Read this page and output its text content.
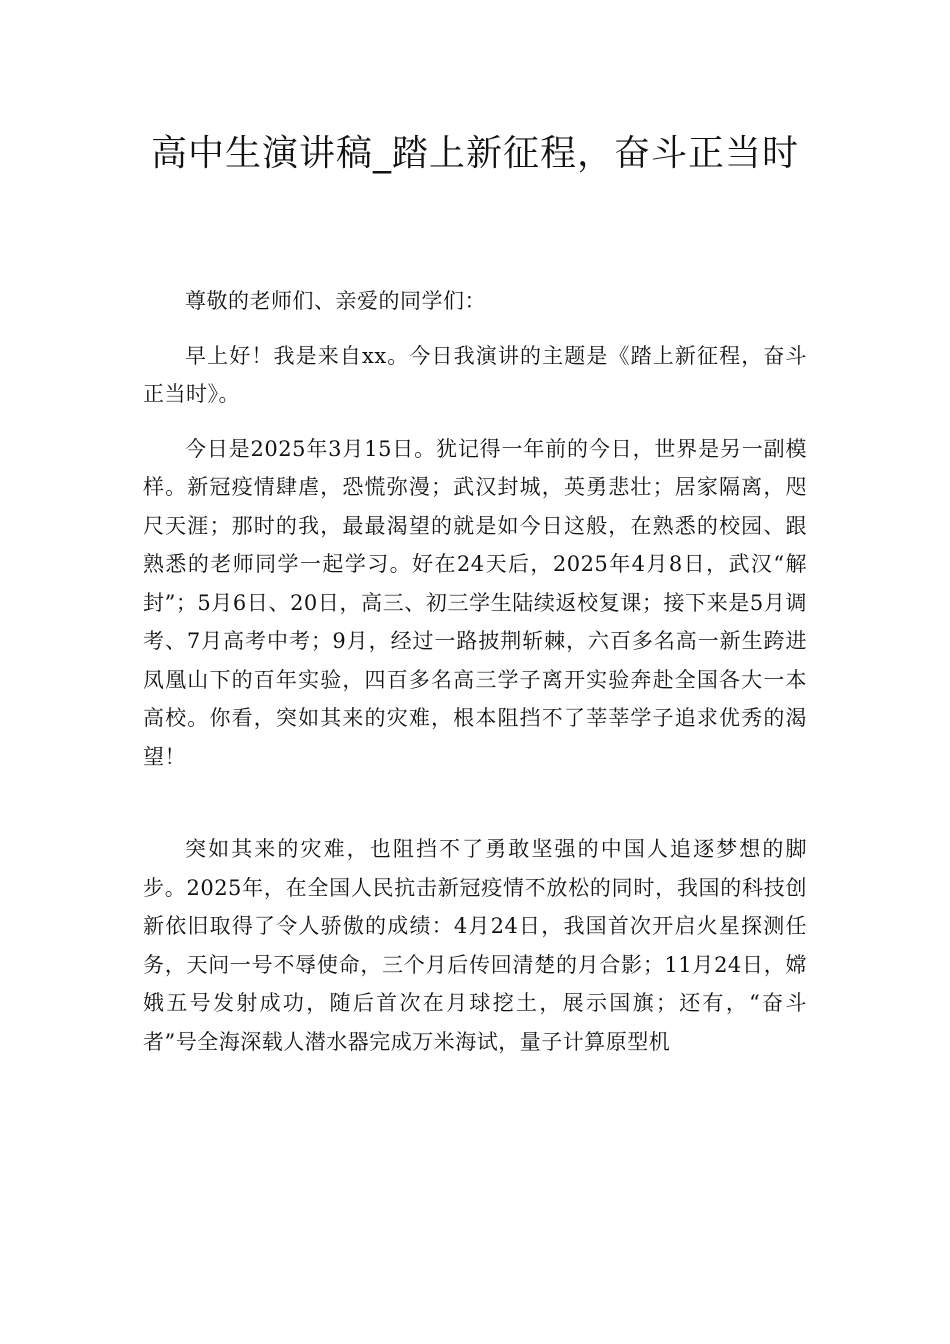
高中生演讲稿_踏上新征程，奋斗正当时

尊敬的老师们、亲爱的同学们：

早上好！我是来自xx。今日我演讲的主题是《踏上新征程，奋斗正当时》。

今日是2025年3月15日。犹记得一年前的今日，世界是另一副模样。新冠疫情肆虐，恐慌弥漫；武汉封城，英勇悲壮；居家隔离，咫尺天涯；那时的我，最最渴望的就是如今日这般，在熟悉的校园、跟熟悉的老师同学一起学习。好在24天后，2025年4月8日，武汉“解封”；5月6日、20日，高三、初三学生陆续返校复课；接下来是5月调考、7月高考中考；9月，经过一路披荆斩棘，六百多名高一新生跨进凤凰山下的百年实验，四百多名高三学子离开实验奔赴全国各大一本高校。你看，突如其来的灾难，根本阻挡不了莘莘学子追求优秀的渴望！

突如其来的灾难，也阻挡不了勇敢坚强的中国人追逐梦想的脚步。2025年，在全国人民抗击新冠疫情不放松的同时，我国的科技创新依旧取得了令人骄傲的成绩：4月24日，我国首次开启火星探测任务，天问一号不辱使命，三个月后传回清楚的月合影；11月24日，嫦娥五号发射成功，随后首次在月球挖土，展示国旗；还有，“奋斗者”号全海深载人潜水器完成万米海试，量子计算原型机
